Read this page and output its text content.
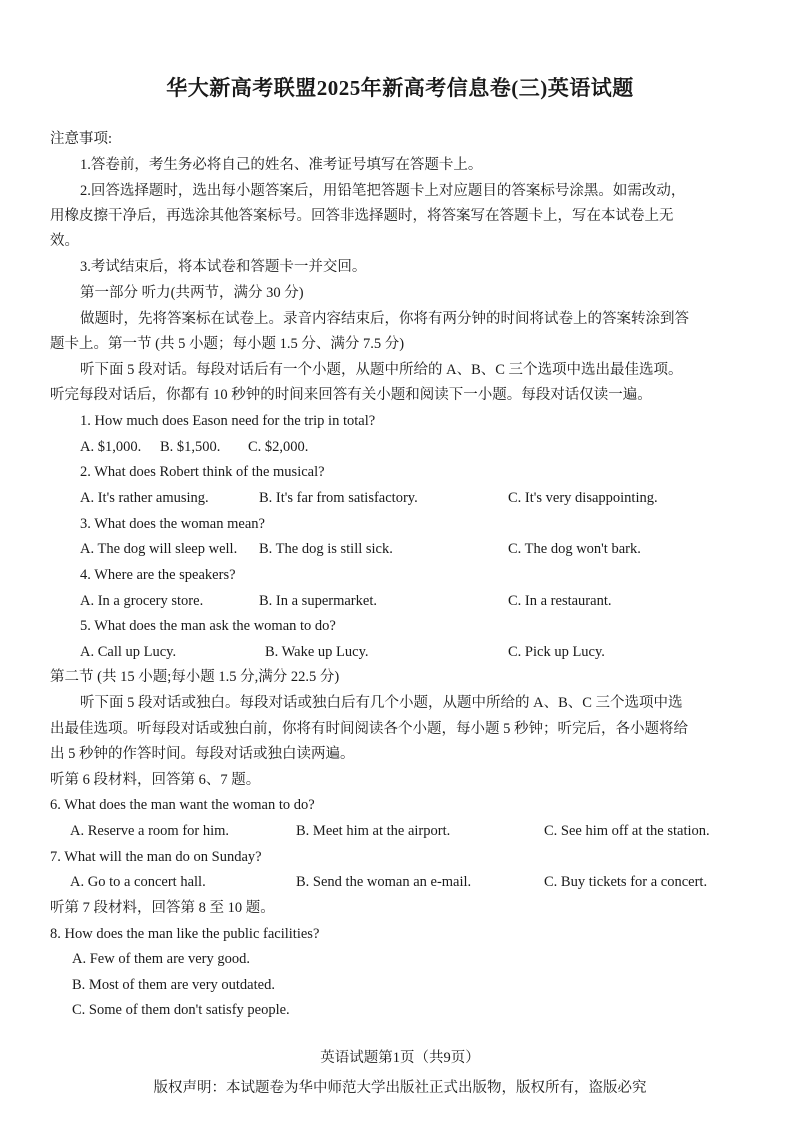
华大新高考联盟2025年新高考信息卷(三)英语试题
注意事项:
1.答卷前，考生务必将自己的姓名、准考证号填写在答题卡上。
2.回答选择题时，选出每小题答案后，用铅笔把答题卡上对应题目的答案标号涂黑。如需改动，
用橡皮擦干净后，再选涂其他答案标号。回答非选择题时，将答案写在答题卡上，写在本试卷上无
效。
3.考试结束后，将本试卷和答题卡一并交回。
第一部分 听力(共两节，满分 30 分)
做题时，先将答案标在试卷上。录音内容结束后，你将有两分钟的时间将试卷上的答案转涂到答
题卡上。第一节 (共 5 小题；每小题 1.5 分、满分 7.5 分)
听下面 5 段对话。每段对话后有一个小题，从题中所给的 A、B、C 三个选项中选出最佳选项。
听完每段对话后，你都有 10 秒钟的时间来回答有关小题和阅读下一小题。每段对话仅读一遍。
1. How much does Eason need for the trip in total?
A. $1,000. B. $1,500. C. $2,000.
2. What does Robert think of the musical?
A. It's rather amusing.	B. It's far from satisfactory.	C. It's very disappointing.
3. What does the woman mean?
A. The dog will sleep well. B. The dog is still sick.	C. The dog won't bark.
4. Where are the speakers?
A. In a grocery store.	B. In a supermarket.	C. In a restaurant.
5. What does the man ask the woman to do?
A. Call up Lucy.	B. Wake up Lucy.	C. Pick up Lucy.
第二节 (共 15 小题;每小题 1.5 分,满分 22.5 分)
听下面 5 段对话或独白。每段对话或独白后有几个小题，从题中所给的 A、B、C 三个选项中选
出最佳选项。听每段对话或独白前，你将有时间阅读各个小题，每小题 5 秒钟；听完后，各小题将给
出 5 秒钟的作答时间。每段对话或独白读两遍。
听第 6 段材料，回答第 6、7 题。
6. What does the man want the woman to do?
A. Reserve a room for him.	B. Meet him at the airport.	C. See him off at the station.
7. What will the man do on Sunday?
A. Go to a concert hall.	B. Send the woman an e-mail.	C. Buy tickets for a concert.
听第 7 段材料，回答第 8 至 10 题。
8. How does the man like the public facilities?
A. Few of them are very good.
B. Most of them are very outdated.
C. Some of them don't satisfy people.
英语试题第1页（共9页）
版权声明：本试题卷为华中师范大学出版社正式出版物，版权所有，盗版必究
